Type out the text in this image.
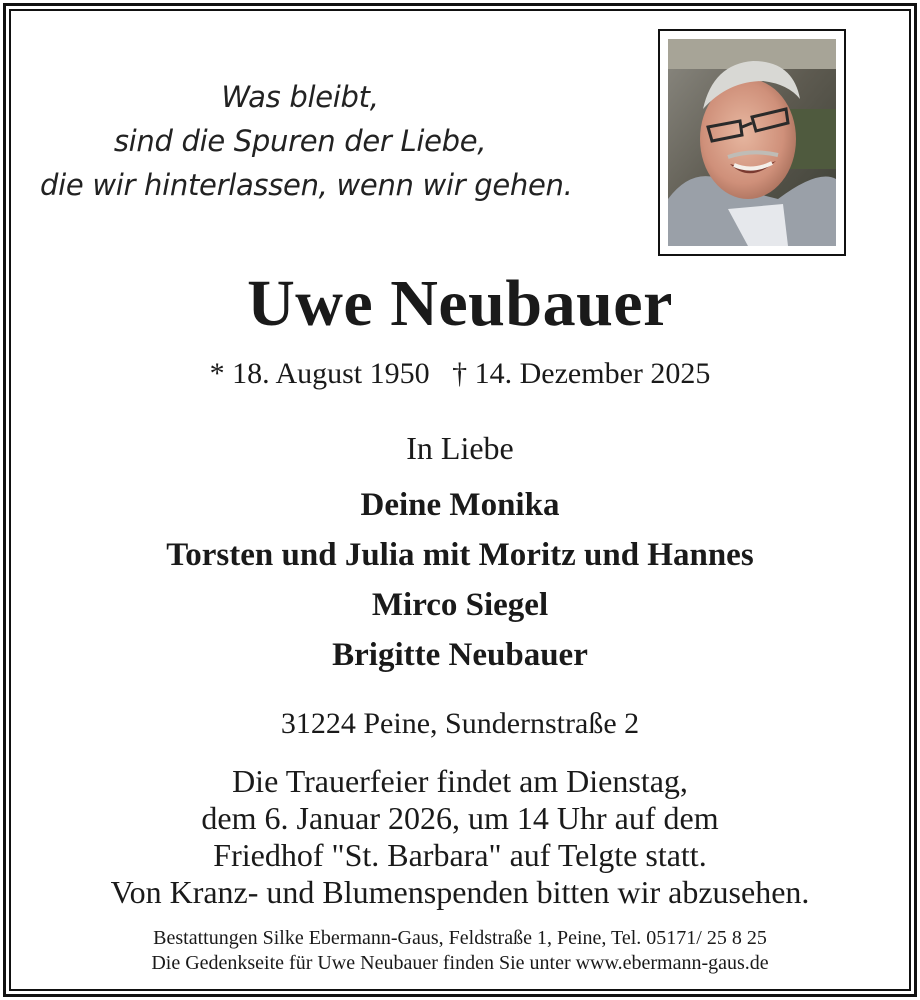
Was bleibt,
sind die Spuren der Liebe,
die wir hinterlassen, wenn wir gehen.
Uwe Neubauer
* 18. August 1950   † 14. Dezember 2025
In Liebe
Deine Monika
Torsten und Julia mit Moritz und Hannes
Mirco Siegel
Brigitte Neubauer
31224 Peine, Sundernstraße 2
Die Trauerfeier findet am Dienstag,
dem 6. Januar 2026, um 14 Uhr auf dem
Friedhof "St. Barbara" auf Telgte statt.
Von Kranz- und Blumenspenden bitten wir abzusehen.
Bestattungen Silke Ebermann-Gaus, Feldstraße 1, Peine, Tel. 05171/ 25 8 25
Die Gedenkseite für Uwe Neubauer finden Sie unter www.ebermann-gaus.de
